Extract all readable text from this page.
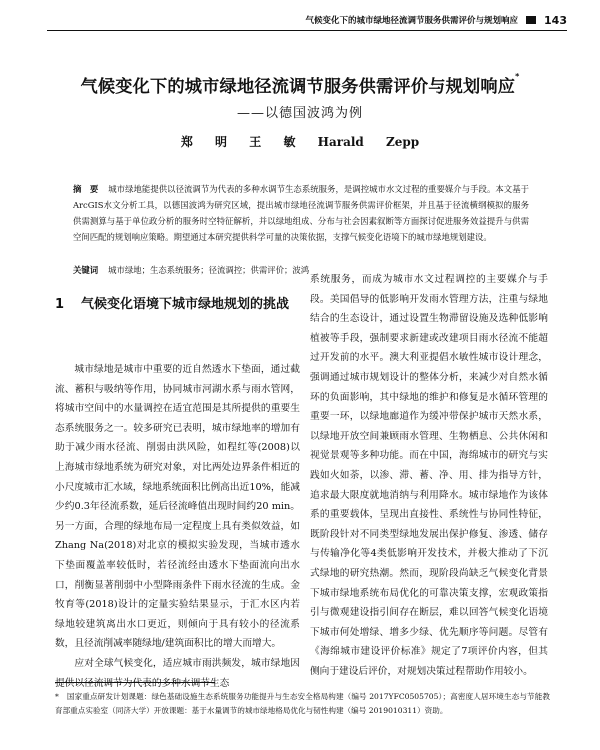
气候变化下的城市绿地径流调节服务供需评价与规划响应 143
气候变化下的城市绿地径流调节服务供需评价与规划响应*
——以德国波鸿为例
郑 明 王 敏 Harald Zepp
摘　要 城市绿地能提供以径流调节为代表的多种水调节生态系统服务，是调控城市水文过程的重要媒介与手段。本文基于ArcGIS水文分析工具，以德国波鸿为研究区域，提出城市绿地径流调节服务供需评价框架，并且基于径流横纲模拟的服务供需测算与基于单位政分析的服务时空特征解析，并以绿地组成、分布与社会因素叙断等方面探讨促进服务效益提升与供需空间匹配的规划响应策略。期望通过本研究提供科学可量的决策依据，支撑气候变化语境下的城市绿地规划建设。
关键词 城市绿地；生态系统服务；径流调控；供需评价；波鸿
1	气候变化语境下城市绿地规划的挑战

城市绿地是城市中重要的近自然透水下垫面，通过截流、蓄积与吸纳等作用，协同城市河湖水系与雨水管网，将城市空间中的水量调控在适宜范围是其所提供的重要生态系统服务之一。较多研究已表明，城市绿地率的增加有助于减少雨水径流、削弱由洪风险，如程红等(2008)以上海城市绿地系统为研究对象，对比两处边界条件相近的小尺度城市汇水域，绿地系统面积比例高出近10%，能减少约0.3年径流系数，延后径流峰值出现时间约20 min。另一方面，合理的绿地布局一定程度上具有类似效益，如Zhang Na(2018)对北京的模拟实验发现，当城市透水下垫面覆盖率较低时，若径流经由透水下垫面流向出水口，削衡显著削弱中小型降雨条件下雨水径流的生成。金牧育等(2018)设计的定量实验结果显示，于汇水区内若绿地较建筑离出水口更近，则倾向于具有较小的径流系数，且径流削减率随绿地/建筑面积比的增大而增大。

应对全球气候变化，适应城市雨洪频发，城市绿地因提供以径流调节为代表的多种水调节生态

系统服务，而成为城市水文过程调控的主要媒介与手段。美国倡导的低影响开发雨水管理方法，注重与绿地结合的生态设计，通过设置生物滞留设施及选种低影响植被等手段，强制要求新建或改建项目雨水径流不能超过开发前的水平。澳大利亚提倡水敏性城市设计理念，强调通过城市规划设计的整体分析，来减少对自然水循环的负面影响，其中绿地的维护和修复是水循环管理的重要一环，以绿地廊道作为缓冲带保护城市天然水系，以绿地开放空间兼顾雨水管理、生物栖息、公共休闲和视觉景观等多种功能。而在中国，海绵城市的研究与实践如火如荼，以渗、滞、蓄、净、用、排为指导方针，追求最大限度就地消纳与利用降水。城市绿地作为该体系的重要载体，呈现出直接性、系统性与协同性特征，既阶段针对不同类型绿地发展出保护修复、渗透、储存与传输净化等4类低影响开发技术，并极大推动了下沉式绿地的研究热潮。然而，现阶段尚缺乏气候变化背景下城市绿地系统布局优化的可靠决策支撑，宏观政策指引与微观建设指引间存在断层，难以回答气候变化语境下城市何处增绿、增多少绿、优先顺序等问题。尽管有《海绵城市建设评价标准》规定了7项评价内容，但其侧向于建设后评价，对规划决策过程帮助作用较小。

* 国家重点研发计划课题：绿色基础设施生态系统服务功能提升与生态安全格局构建（编号 2017YFC0505705）；高密度人居环境生态与节能教育部重点实验室（同济大学）开放课题：基于水量调节的城市绿地格局优化与韧性构建（编号 2019010311）资助。
